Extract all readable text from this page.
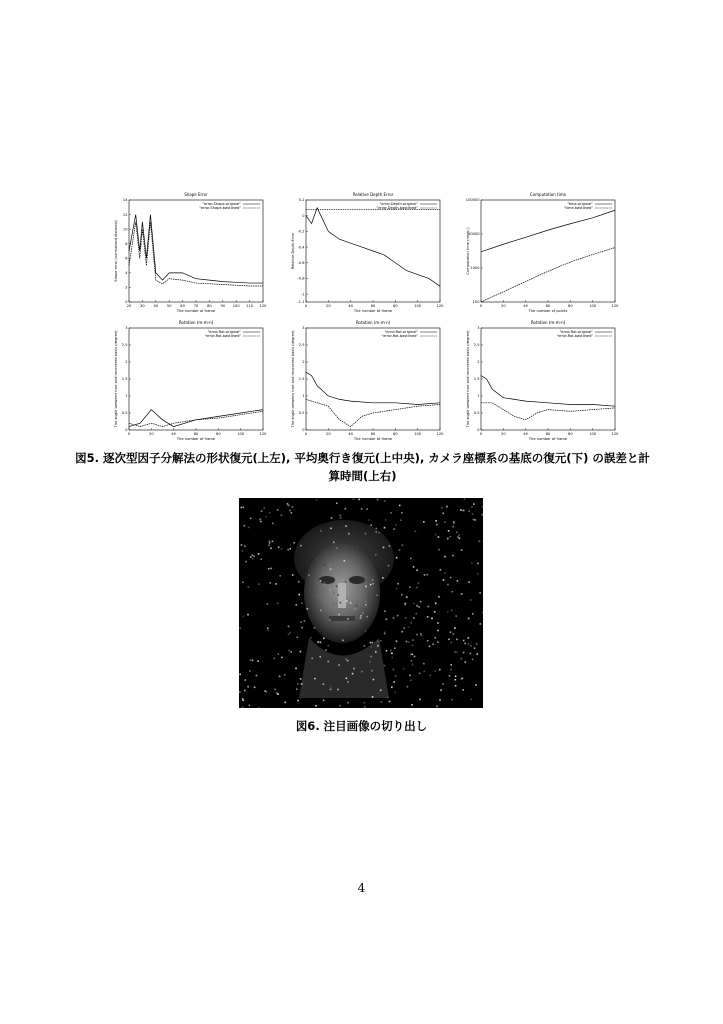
Shape Error
20 30 40 50 60 70 80 90 100 110 120
0
2
4
6
8
10
12
14
The number of frame
Shape error (normalized distance)
"error.Shape.original"
"error.Shape.bastlined"
Relative Depth Error
0	20	40	60	80	100	120
0.2
0
-0.2
-0.4
-0.6
-0.8
-1
-1.1
The number of frame
Relative Depth Error
"error.Depth.original"
"error.Depth.bastlined"
Computation time
0	20	40	60	80	100	120
100
1000
10000
100000
The number of points
Computation time (msec.)
"time.original"
"time.bastlined"
Rotation (m-m-n)
0	20	40	60	80	100	120
0
0.5
1
1.5
2
2.5
3
The number of frame
The angle between true and recovered basis (degree)	"error.Rot.original"
"error.Rot.bastlined"
Rotation (m-m-n)
0	20	40	60	80	100	120
0
0.5
1
1.5
2
2.5
3
The number of frame
The angle between true and recovered basis (degree)	"error.Rot.original"
"error.Rot.bastlined"
Rotation (m-m-n)
0	20	40	60	80	100	120
0
0.5
1
1.5
2
2.5
3
The number of frame
The angle between true and recovered basis (degree)	"error.Rot.original"
"error.Rot.bastlined"
図5. 逐次型因子分解法の形状復元(上左), 平均奥行き復元(上中央), カメラ座標系の基底の復元(下) の誤差と計算時間(上右)
図6. 注目画像の切り出し
4
